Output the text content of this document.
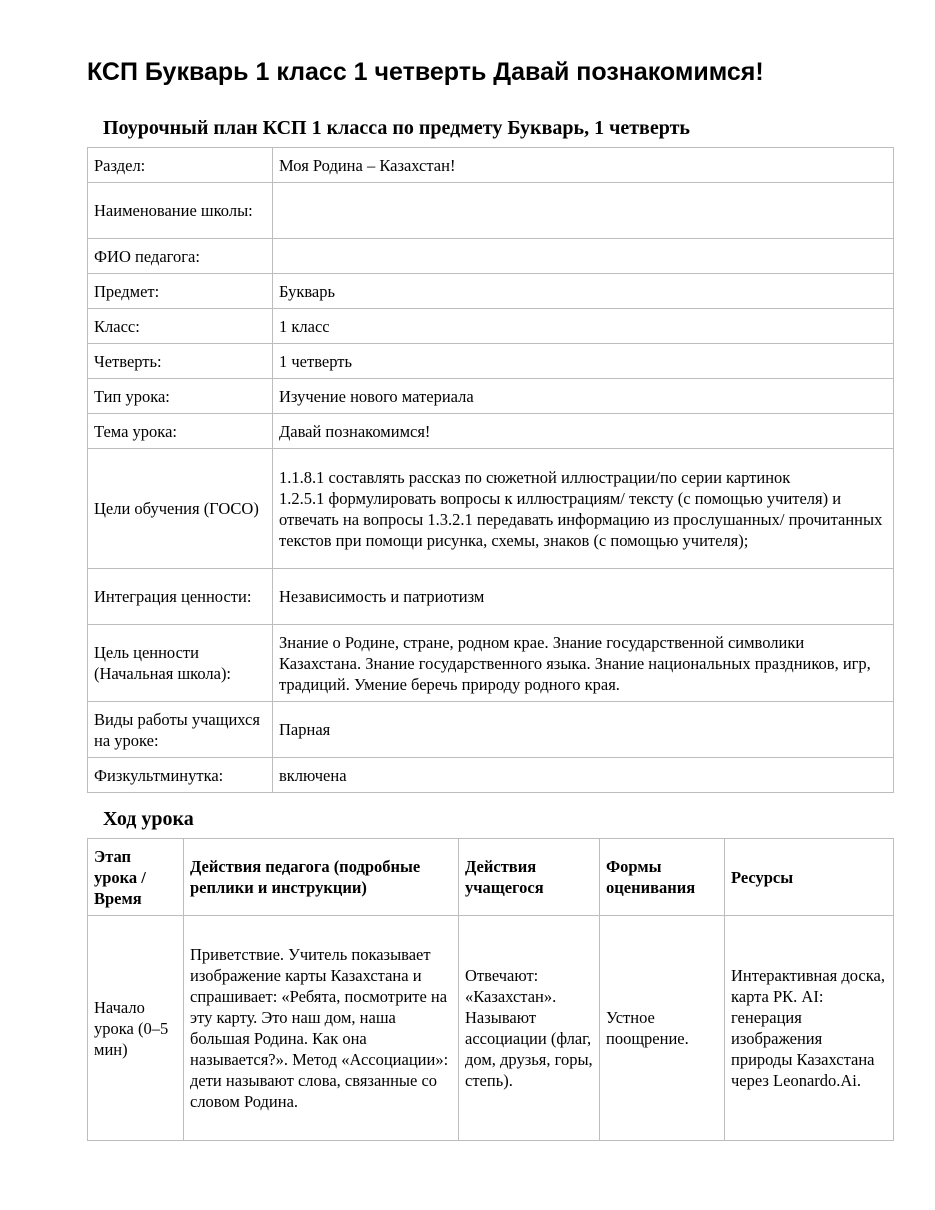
КСП Букварь 1 класс 1 четверть Давай познакомимся!
Поурочный план КСП 1 класса по предмету Букварь, 1 четверть
Раздел:	Моя Родина – Казахстан!
Наименование школы:	
ФИО педагога:	
Предмет:	Букварь
Класс:	1 класс
Четверть:	1 четверть
Тип урока:	Изучение нового материала
Тема урока:	Давай познакомимся!
Цели обучения (ГОСО)	1.1.8.1 составлять рассказ по сюжетной иллюстрации/по серии картинок
1.2.5.1 формулировать вопросы к иллюстрациям/ тексту (с помощью учителя) и отвечать на вопросы 1.3.2.1 передавать информацию из прослушанных/ прочитанных текстов при помощи рисунка, схемы, знаков (с помощью учителя);

Интеграция ценности:	Независимость и патриотизм
Цель ценности (Начальная школа):	Знание о Родине, стране, родном крае. Знание государственной символики Казахстана. Знание государственного языка. Знание национальных праздников, игр, традиций. Умение беречь природу родного края.
Виды работы учащихся на уроке:	Парная
Физкультминутка:	включена
Ход урока
Этап урока / Время	Действия педагога (подробные реплики и инструкции)	Действия учащегося	Формы оценивания	Ресурсы
Начало урока (0–5 мин)	Приветствие. Учитель показывает изображение карты Казахстана и спрашивает: «Ребята, посмотрите на эту карту. Это наш дом, наша большая Родина. Как она называется?». Метод «Ассоциации»: дети называют слова, связанные со словом Родина.	Отвечают: «Казахстан». Называют ассоциации (флаг, дом, друзья, горы, степь).	Устное поощрение.	Интерактивная доска, карта РК. AI: генерация изображения природы Казахстана через Leonardo.Ai.
